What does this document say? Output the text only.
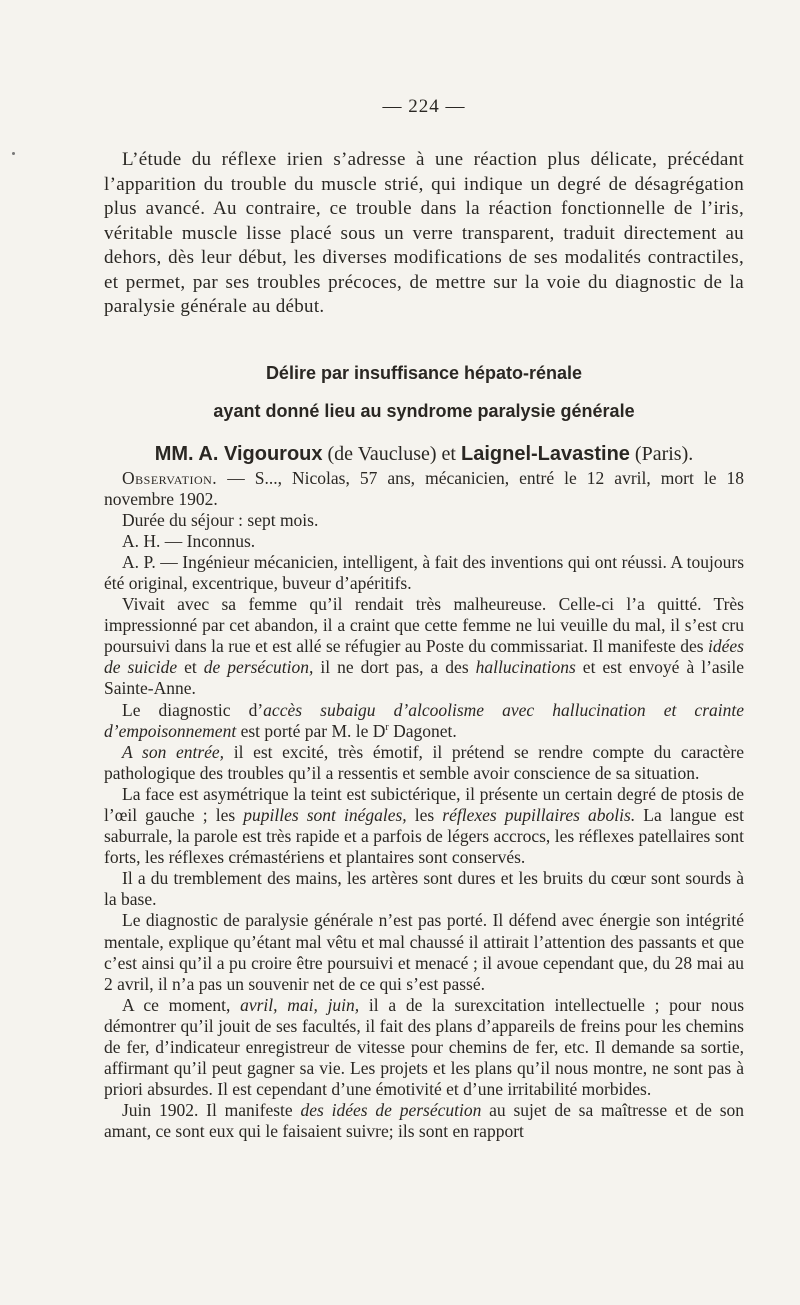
— 224 —

L’étude du réflexe irien s’adresse à une réaction plus délicate, précédant l’apparition du trouble du muscle strié, qui indique un degré de désagrégation plus avancé. Au contraire, ce trouble dans la réaction fonctionnelle de l’iris, véritable muscle lisse placé sous un verre transparent, traduit directement au dehors, dès leur début, les diverses modifications de ses modalités contractiles, et permet, par ses troubles précoces, de mettre sur la voie du diagnostic de la paralysie générale au début.

Délire par insuffisance hépato-rénale
ayant donné lieu au syndrome paralysie générale
MM. A. Vigouroux (de Vaucluse) et Laignel-Lavastine (Paris).

Observation. — S..., Nicolas, 57 ans, mécanicien, entré le 12 avril, mort le 18 novembre 1902.

Durée du séjour : sept mois.

A. H. — Inconnus.

A. P. — Ingénieur mécanicien, intelligent, à fait des inventions qui ont réussi. A toujours été original, excentrique, buveur d’apéritifs.

Vivait avec sa femme qu’il rendait très malheureuse. Celle-ci l’a quitté. Très impressionné par cet abandon, il a craint que cette femme ne lui veuille du mal, il s’est cru poursuivi dans la rue et est allé se réfugier au Poste du commissariat. Il manifeste des idées de suicide et de persécution, il ne dort pas, a des hallucinations et est envoyé à l’asile Sainte-Anne.

Le diagnostic d’accès subaigu d’alcoolisme avec hallucination et crainte d’empoisonnement est porté par M. le $D^r$ Dagonet.

A son entrée, il est excité, très émotif, il prétend se rendre compte du caractère pathologique des troubles qu’il a ressentis et semble avoir conscience de sa situation.

La face est asymétrique la teint est subictérique, il présente un certain degré de ptosis de l’œil gauche ; les pupilles sont inégales, les réflexes pupillaires abolis. La langue est saburrale, la parole est très rapide et a parfois de légers accrocs, les réflexes patellaires sont forts, les réflexes crémastériens et plantaires sont conservés.

Il a du tremblement des mains, les artères sont dures et les bruits du cœur sont sourds à la base.

Le diagnostic de paralysie générale n’est pas porté. Il défend avec énergie son intégrité mentale, explique qu’étant mal vêtu et mal chaussé il attirait l’attention des passants et que c’est ainsi qu’il a pu croire être poursuivi et menacé ; il avoue cependant que, du 28 mai au 2 avril, il n’a pas un souvenir net de ce qui s’est passé.

A ce moment, avril, mai, juin, il a de la surexcitation intellectuelle ; pour nous démontrer qu’il jouit de ses facultés, il fait des plans d’appareils de freins pour les chemins de fer, d’indicateur enregistreur de vitesse pour chemins de fer, etc. Il demande sa sortie, affirmant qu’il peut gagner sa vie. Les projets et les plans qu’il nous montre, ne sont pas à priori absurdes. Il est cependant d’une émotivité et d’une irritabilité morbides.

Juin 1902. Il manifeste des idées de persécution au sujet de sa maîtresse et de son amant, ce sont eux qui le faisaient suivre; ils sont en rapport
